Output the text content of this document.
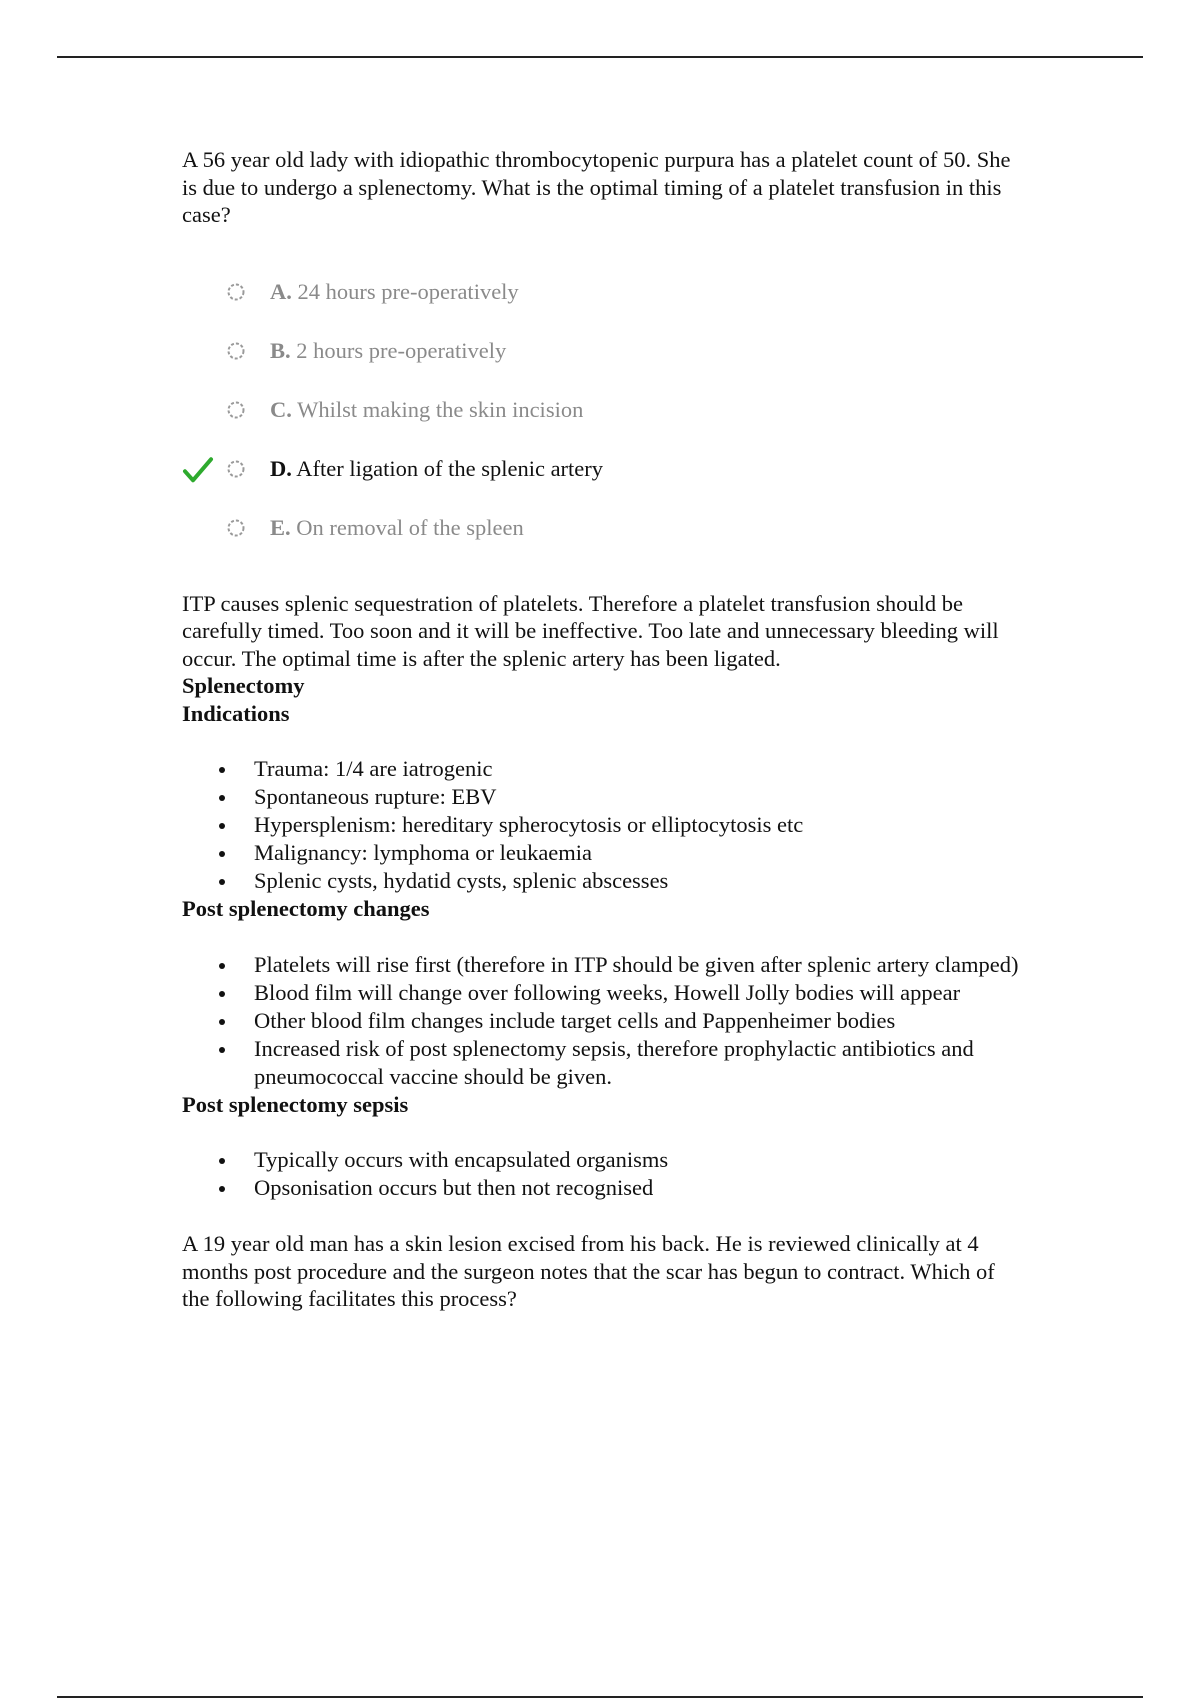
A 56 year old lady with idiopathic thrombocytopenic purpura has a platelet count of 50. She is due to undergo a splenectomy. What is the optimal timing of a platelet transfusion in this case?

A. 24 hours pre-operatively
B. 2 hours pre-operatively
C. Whilst making the skin incision
D. After ligation of the splenic artery
E. On removal of the spleen

ITP causes splenic sequestration of platelets. Therefore a platelet transfusion should be carefully timed. Too soon and it will be ineffective. Too late and unnecessary bleeding will occur. The optimal time is after the splenic artery has been ligated.

Splenectomy
Indications
Trauma: 1/4 are iatrogenic
Spontaneous rupture: EBV
Hypersplenism: hereditary spherocytosis or elliptocytosis etc
Malignancy: lymphoma or leukaemia
Splenic cysts, hydatid cysts, splenic abscesses
Post splenectomy changes
Platelets will rise first (therefore in ITP should be given after splenic artery clamped)
Blood film will change over following weeks, Howell Jolly bodies will appear
Other blood film changes include target cells and Pappenheimer bodies
Increased risk of post splenectomy sepsis, therefore prophylactic antibiotics and pneumococcal vaccine should be given.
Post splenectomy sepsis
Typically occurs with encapsulated organisms
Opsonisation occurs but then not recognised

A 19 year old man has a skin lesion excised from his back. He is reviewed clinically at 4 months post procedure and the surgeon notes that the scar has begun to contract. Which of the following facilitates this process?
